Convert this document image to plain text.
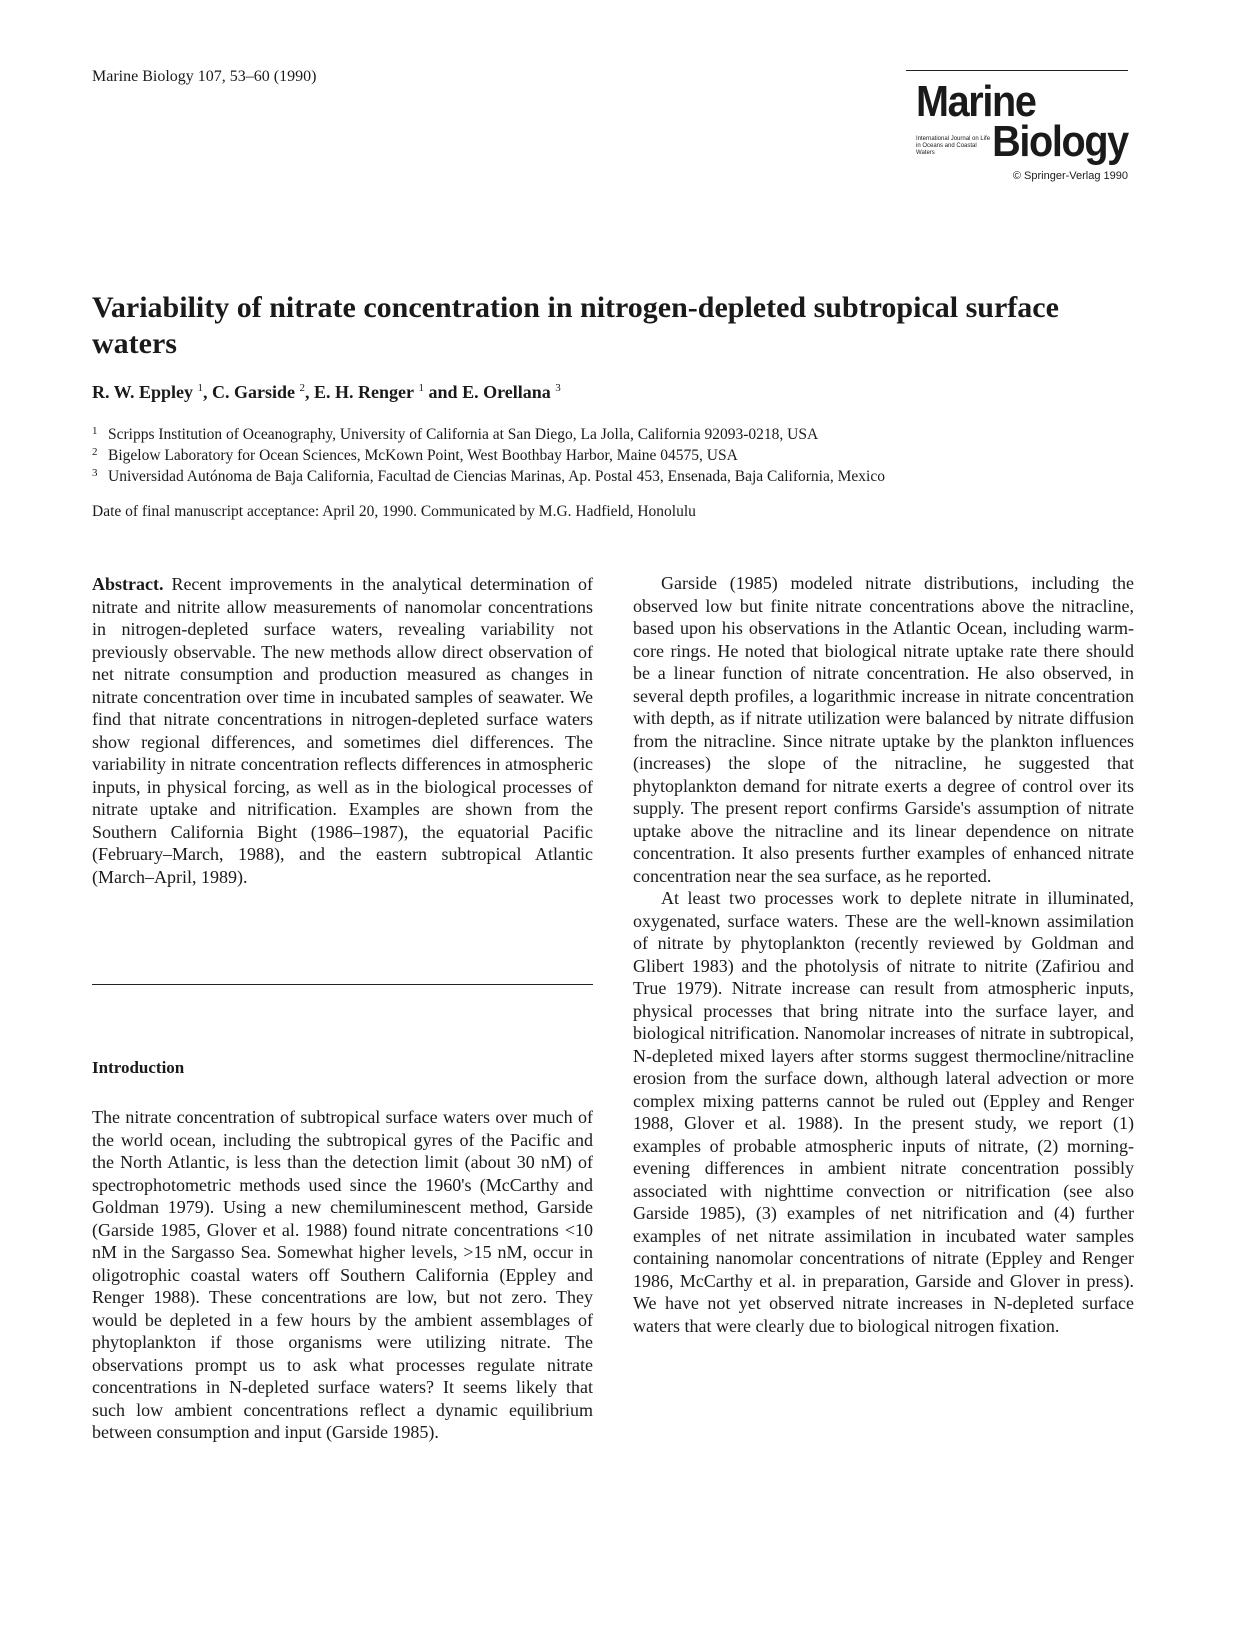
Marine Biology 107, 53–60 (1990)
Marine
International Journal on Life in Oceans and Coastal Waters	Biology
© Springer-Verlag 1990
Variability of nitrate concentration in nitrogen-depleted subtropical surface waters

R. W. Eppley $^1$, C. Garside $^2$, E. H. Renger $^1$ and E. Orellana $^3$

1 Scripps Institution of Oceanography, University of California at San Diego, La Jolla, California 92093-0218, USA
2 Bigelow Laboratory for Ocean Sciences, McKown Point, West Boothbay Harbor, Maine 04575, USA
3 Universidad Autónoma de Baja California, Facultad de Ciencias Marinas, Ap. Postal 453, Ensenada, Baja California, Mexico
Date of final manuscript acceptance: April 20, 1990. Communicated by M.G. Hadfield, Honolulu

Abstract. Recent improvements in the analytical determination of nitrate and nitrite allow measurements of nanomolar concentrations in nitrogen-depleted surface waters, revealing variability not previously observable. The new methods allow direct observation of net nitrate consumption and production measured as changes in nitrate concentration over time in incubated samples of seawater. We find that nitrate concentrations in nitrogen-depleted surface waters show regional differences, and sometimes diel differences. The variability in nitrate concentration reflects differences in atmospheric inputs, in physical forcing, as well as in the biological processes of nitrate uptake and nitrification. Examples are shown from the Southern California Bight (1986–1987), the equatorial Pacific (February–March, 1988), and the eastern subtropical Atlantic (March–April, 1989).

Introduction

The nitrate concentration of subtropical surface waters over much of the world ocean, including the subtropical gyres of the Pacific and the North Atlantic, is less than the detection limit (about 30 nM) of spectrophotometric methods used since the 1960's (McCarthy and Goldman 1979). Using a new chemiluminescent method, Garside (Garside 1985, Glover et al. 1988) found nitrate concentrations <10 nM in the Sargasso Sea. Somewhat higher levels, >15 nM, occur in oligotrophic coastal waters off Southern California (Eppley and Renger 1988). These concentrations are low, but not zero. They would be depleted in a few hours by the ambient assemblages of phytoplankton if those organisms were utilizing nitrate. The observations prompt us to ask what processes regulate nitrate concentrations in N-depleted surface waters? It seems likely that such low ambient concentrations reflect a dynamic equilibrium between consumption and input (Garside 1985).

Garside (1985) modeled nitrate distributions, including the observed low but finite nitrate concentrations above the nitracline, based upon his observations in the Atlantic Ocean, including warm-core rings. He noted that biological nitrate uptake rate there should be a linear function of nitrate concentration. He also observed, in several depth profiles, a logarithmic increase in nitrate concentration with depth, as if nitrate utilization were balanced by nitrate diffusion from the nitracline. Since nitrate uptake by the plankton influences (increases) the slope of the nitracline, he suggested that phytoplankton demand for nitrate exerts a degree of control over its supply. The present report confirms Garside's assumption of nitrate uptake above the nitracline and its linear dependence on nitrate concentration. It also presents further examples of enhanced nitrate concentration near the sea surface, as he reported.

At least two processes work to deplete nitrate in illuminated, oxygenated, surface waters. These are the well-known assimilation of nitrate by phytoplankton (recently reviewed by Goldman and Glibert 1983) and the photolysis of nitrate to nitrite (Zafiriou and True 1979). Nitrate increase can result from atmospheric inputs, physical processes that bring nitrate into the surface layer, and biological nitrification. Nanomolar increases of nitrate in subtropical, N-depleted mixed layers after storms suggest thermocline/nitracline erosion from the surface down, although lateral advection or more complex mixing patterns cannot be ruled out (Eppley and Renger 1988, Glover et al. 1988). In the present study, we report (1) examples of probable atmospheric inputs of nitrate, (2) morning-evening differences in ambient nitrate concentration possibly associated with nighttime convection or nitrification (see also Garside 1985), (3) examples of net nitrification and (4) further examples of net nitrate assimilation in incubated water samples containing nanomolar concentrations of nitrate (Eppley and Renger 1986, McCarthy et al. in preparation, Garside and Glover in press). We have not yet observed nitrate increases in N-depleted surface waters that were clearly due to biological nitrogen fixation.
